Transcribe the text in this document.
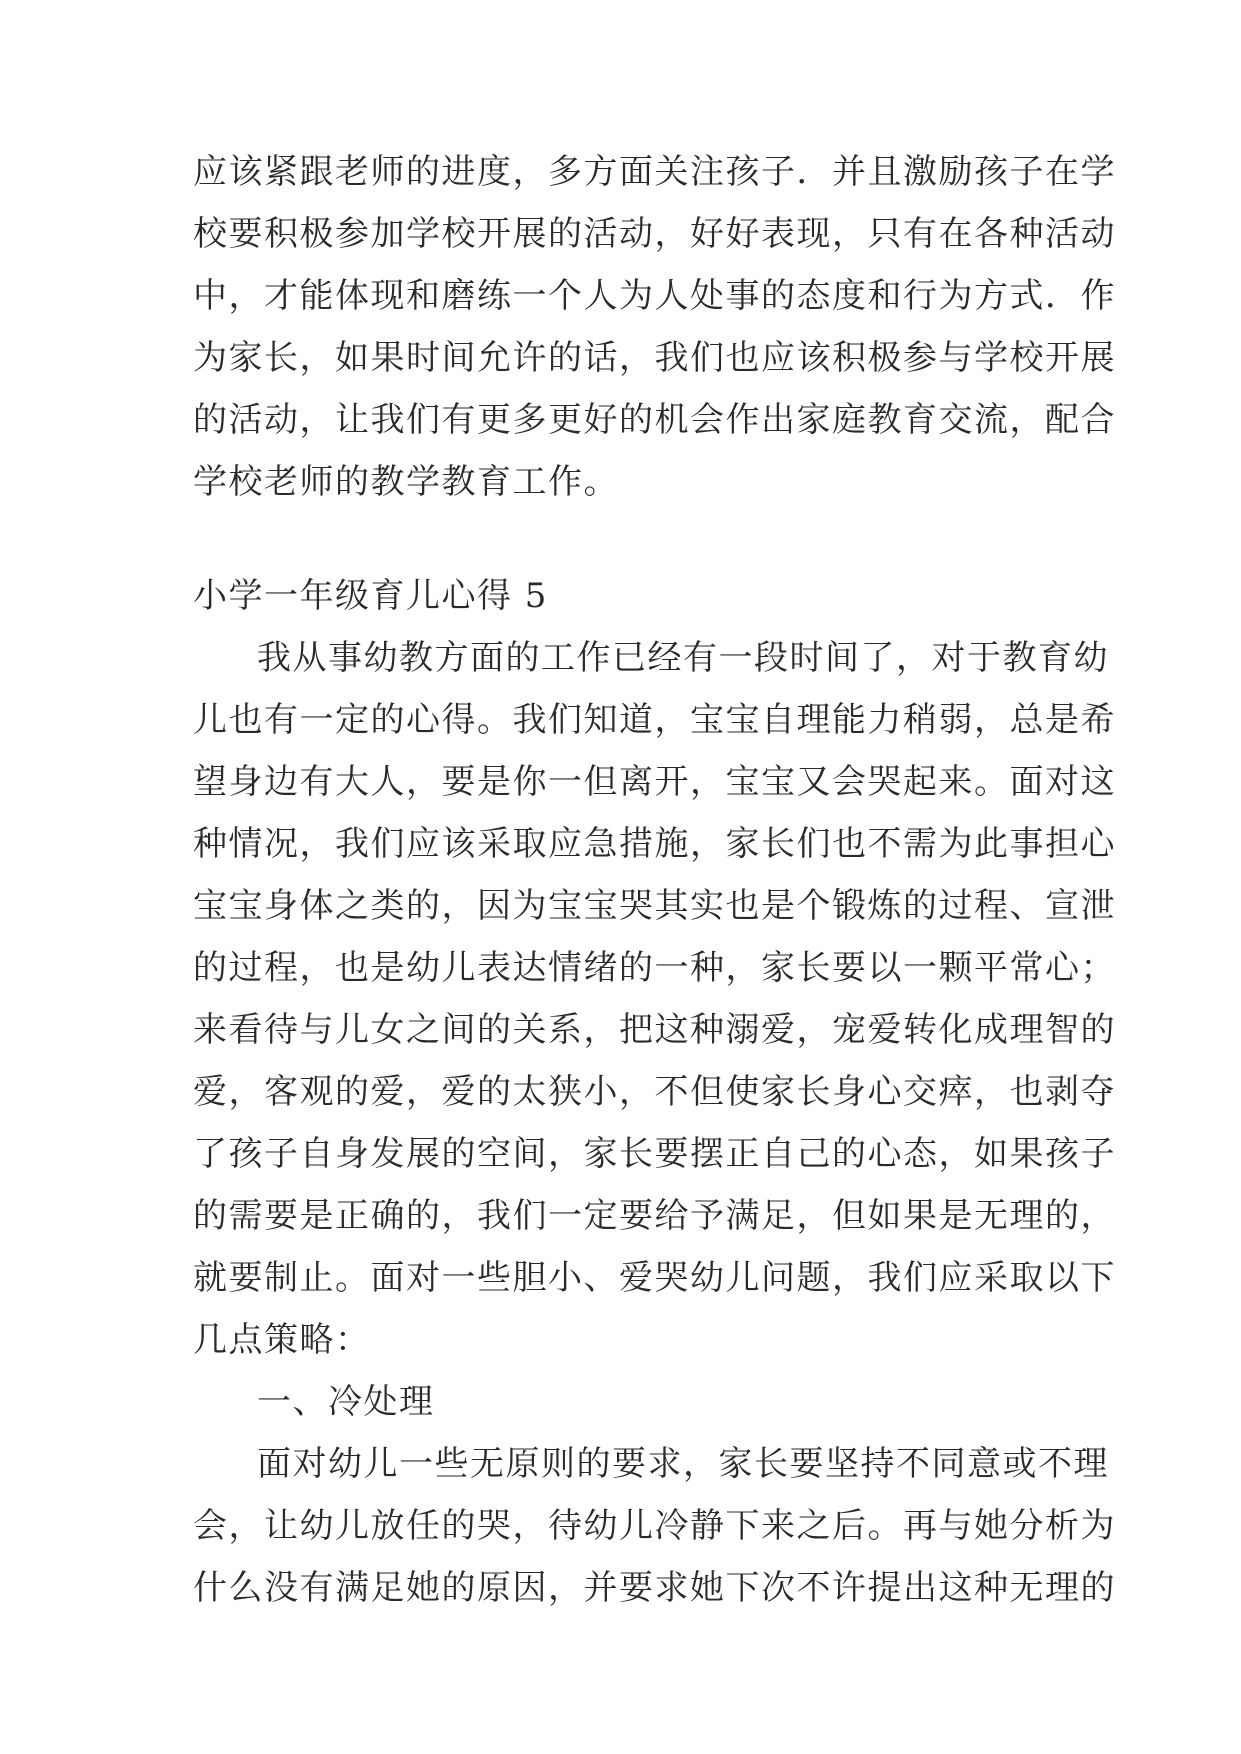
应该紧跟老师的进度，多方面关注孩子．并且激励孩子在学
校要积极参加学校开展的活动，好好表现，只有在各种活动
中，才能体现和磨练一个人为人处事的态度和行为方式．作
为家长，如果时间允许的话，我们也应该积极参与学校开展
的活动，让我们有更多更好的机会作出家庭教育交流，配合
学校老师的教学教育工作。
小学一年级育儿心得 5
我从事幼教方面的工作已经有一段时间了，对于教育幼
儿也有一定的心得。我们知道，宝宝自理能力稍弱，总是希
望身边有大人，要是你一但离开，宝宝又会哭起来。面对这
种情况，我们应该采取应急措施，家长们也不需为此事担心
宝宝身体之类的，因为宝宝哭其实也是个锻炼的过程、宣泄
的过程，也是幼儿表达情绪的一种，家长要以一颗平常心；
来看待与儿女之间的关系，把这种溺爱，宠爱转化成理智的
爱，客观的爱，爱的太狭小，不但使家长身心交瘁，也剥夺
了孩子自身发展的空间，家长要摆正自己的心态，如果孩子
的需要是正确的，我们一定要给予满足，但如果是无理的，
就要制止。面对一些胆小、爱哭幼儿问题，我们应采取以下
几点策略：
一、冷处理
面对幼儿一些无原则的要求，家长要坚持不同意或不理
会，让幼儿放任的哭，待幼儿冷静下来之后。再与她分析为
什么没有满足她的原因，并要求她下次不许提出这种无理的
